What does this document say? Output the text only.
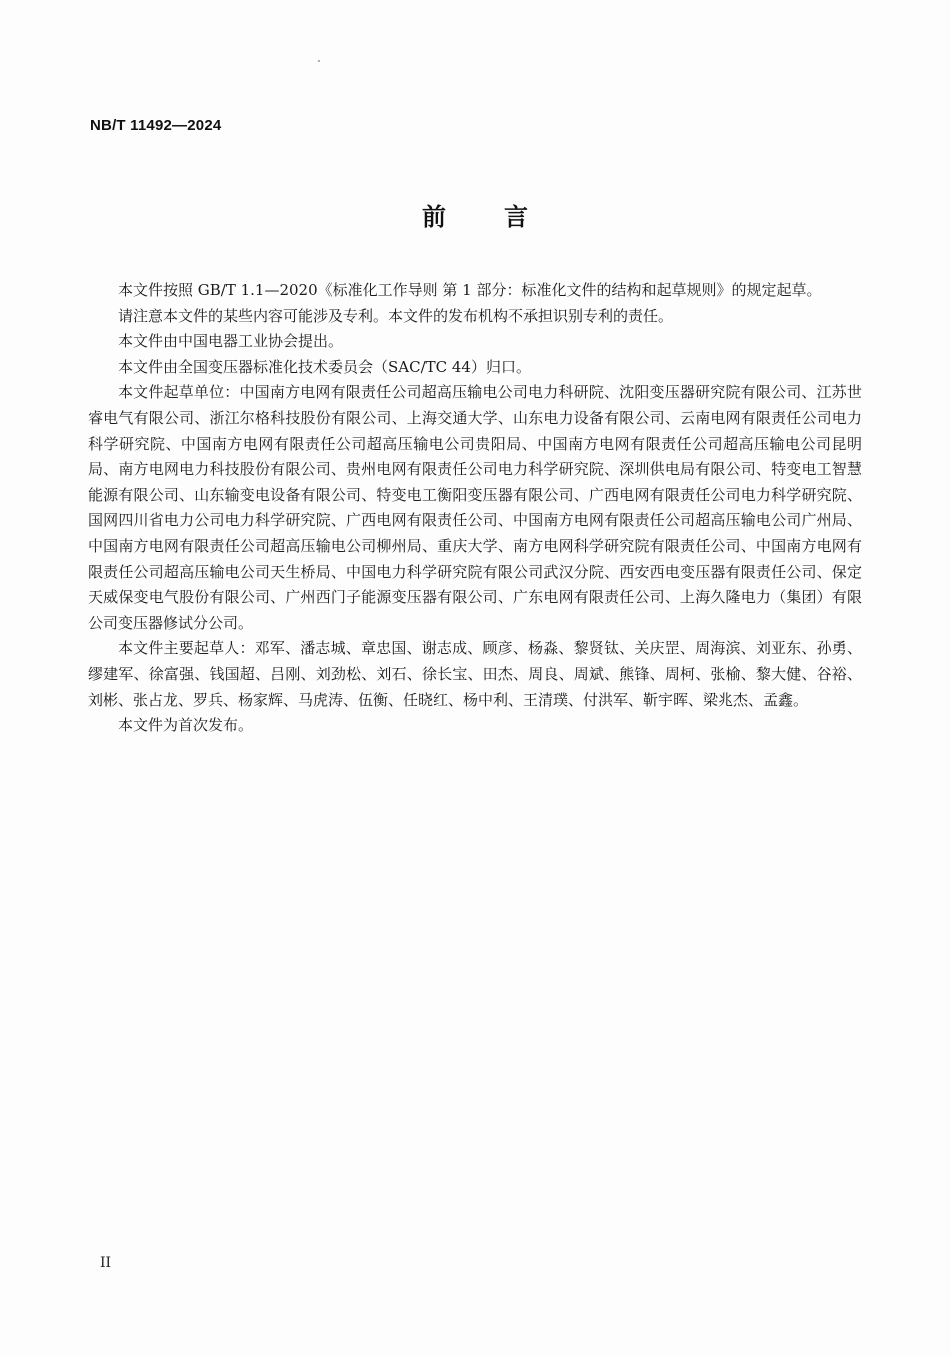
NB/T 11492—2024
前言

本文件按照 GB/T 1.1—2020《标准化工作导则 第 1 部分：标准化文件的结构和起草规则》的规定起草。

请注意本文件的某些内容可能涉及专利。本文件的发布机构不承担识别专利的责任。

本文件由中国电器工业协会提出。

本文件由全国变压器标准化技术委员会（SAC/TC 44）归口。

本文件起草单位：中国南方电网有限责任公司超高压输电公司电力科研院、沈阳变压器研究院有限公司、江苏世睿电气有限公司、浙江尔格科技股份有限公司、上海交通大学、山东电力设备有限公司、云南电网有限责任公司电力科学研究院、中国南方电网有限责任公司超高压输电公司贵阳局、中国南方电网有限责任公司超高压输电公司昆明局、南方电网电力科技股份有限公司、贵州电网有限责任公司电力科学研究院、深圳供电局有限公司、特变电工智慧能源有限公司、山东输变电设备有限公司、特变电工衡阳变压器有限公司、广西电网有限责任公司电力科学研究院、国网四川省电力公司电力科学研究院、广西电网有限责任公司、中国南方电网有限责任公司超高压输电公司广州局、中国南方电网有限责任公司超高压输电公司柳州局、重庆大学、南方电网科学研究院有限责任公司、中国南方电网有限责任公司超高压输电公司天生桥局、中国电力科学研究院有限公司武汉分院、西安西电变压器有限责任公司、保定天威保变电气股份有限公司、广州西门子能源变压器有限公司、广东电网有限责任公司、上海久隆电力（集团）有限公司变压器修试分公司。

本文件主要起草人：邓军、潘志城、章忠国、谢志成、顾彦、杨淼、黎贤钛、关庆罡、周海滨、刘亚东、孙勇、缪建军、徐富强、钱国超、吕刚、刘劲松、刘石、徐长宝、田杰、周良、周斌、熊锋、周柯、张榆、黎大健、谷裕、刘彬、张占龙、罗兵、杨家辉、马虎涛、伍衡、任晓红、杨中利、王清璞、付洪军、靳宇晖、梁兆杰、孟鑫。

本文件为首次发布。

II
